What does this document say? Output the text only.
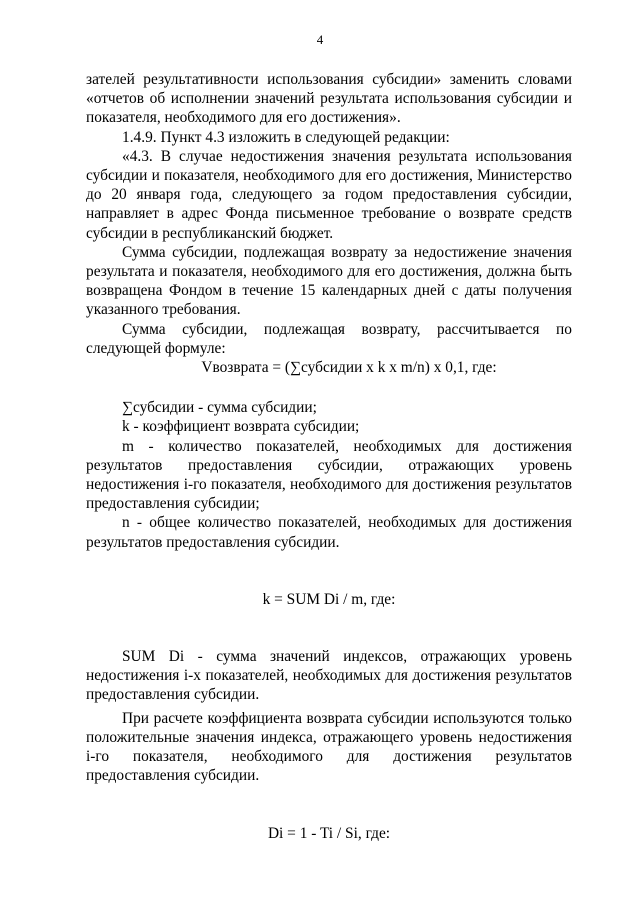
4

зателей результативности использования субсидии» заменить словами «отчетов об исполнении значений результата использования субсидии и показателя, необходимого для его достижения».

1.4.9. Пункт 4.3 изложить в следующей редакции:

«4.3. В случае недостижения значения результата использования субсидии и показателя, необходимого для его достижения, Министерство до 20 января года, следующего за годом предоставления субсидии, направляет в адрес Фонда письменное требование о возврате средств субсидии в республиканский бюджет.

Сумма субсидии, подлежащая возврату за недостижение значения результата и показателя, необходимого для его достижения, должна быть возвращена Фондом в течение 15 календарных дней с даты получения указанного требования.

Сумма субсидии, подлежащая возврату, рассчитывается по следующей формуле:

Vвозврата = (∑субсидии x k x m/n) x 0,1, где:

∑субсидии - сумма субсидии;

k - коэффициент возврата субсидии;

m - количество показателей, необходимых для достижения результатов предоставления субсидии, отражающих уровень недостижения i-го показателя, необходимого для достижения результатов предоставления субсидии;

n - общее количество показателей, необходимых для достижения результатов предоставления субсидии.

k = SUM Di / m, где:

SUM Di - сумма значений индексов, отражающих уровень недостижения i-х показателей, необходимых для достижения результатов предоставления субсидии.

При расчете коэффициента возврата субсидии используются только положительные значения индекса, отражающего уровень недостижения i-го показателя, необходимого для достижения результатов предоставления субсидии.

Di = 1 - Ti / Si, где:
